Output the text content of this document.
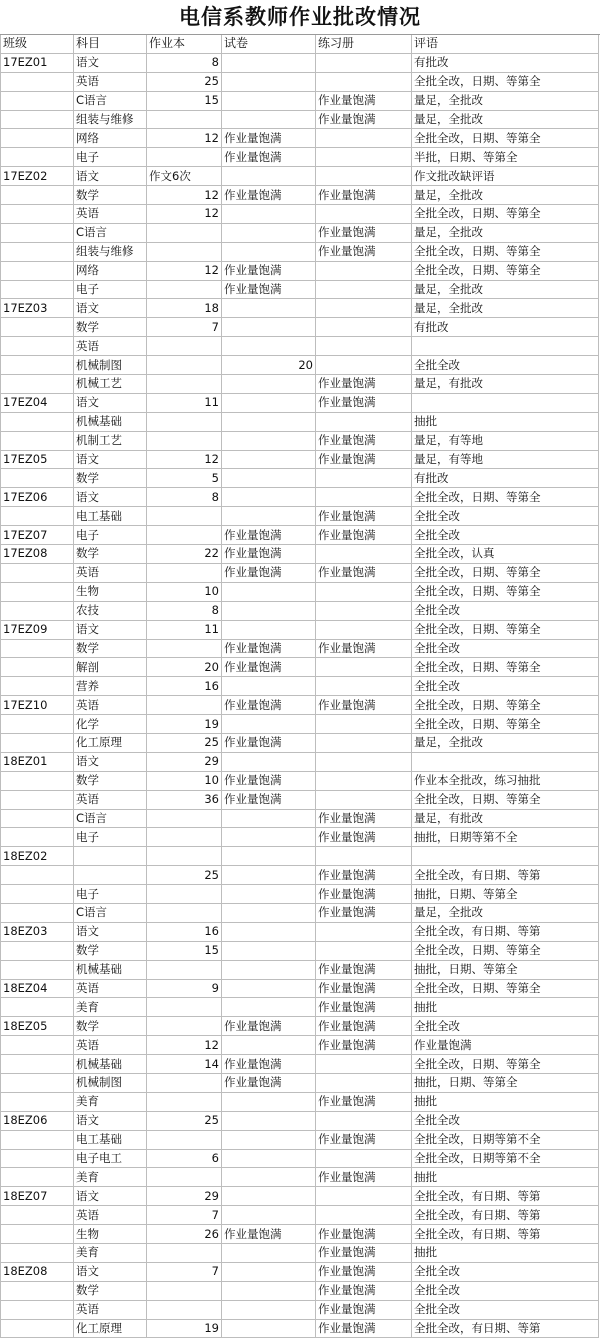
电信系教师作业批改情况
班级	科目	作业本	试卷	练习册	评语
17EZ01	语文	8			有批改
	英语	25			全批全改，日期、等第全
	C语言	15		作业量饱满	量足，全批改
	组装与维修			作业量饱满	量足，全批改
	网络	12	作业量饱满		全批全改，日期、等第全
	电子		作业量饱满		半批，日期、等第全
17EZ02	语文	作文6次			作文批改缺评语
	数学	12	作业量饱满	作业量饱满	量足，全批改
	英语	12			全批全改，日期、等第全
	C语言			作业量饱满	量足，全批改
	组装与维修			作业量饱满	全批全改，日期、等第全
	网络	12	作业量饱满		全批全改，日期、等第全
	电子		作业量饱满		量足，全批改
17EZ03	语文	18			量足，全批改
	数学	7			有批改
	英语				
	机械制图		20		全批全改
	机械工艺			作业量饱满	量足，有批改
17EZ04	语文	11		作业量饱满	
	机械基础				抽批
	机制工艺			作业量饱满	量足，有等地
17EZ05	语文	12		作业量饱满	量足，有等地
	数学	5			有批改
17EZ06	语文	8			全批全改，日期、等第全
	电工基础			作业量饱满	全批全改
17EZ07	电子		作业量饱满	作业量饱满	全批全改
17EZ08	数学	22	作业量饱满		全批全改，认真
	英语		作业量饱满	作业量饱满	全批全改，日期、等第全
	生物	10			全批全改，日期、等第全
	农技	8			全批全改
17EZ09	语文	11			全批全改，日期、等第全
	数学		作业量饱满	作业量饱满	全批全改
	解剖	20	作业量饱满		全批全改，日期、等第全
	营养	16			全批全改
17EZ10	英语		作业量饱满	作业量饱满	全批全改，日期、等第全
	化学	19			全批全改，日期、等第全
	化工原理	25	作业量饱满		量足，全批改
18EZ01	语文	29			
	数学	10	作业量饱满		作业本全批改，练习抽批
	英语	36	作业量饱满		全批全改，日期、等第全
	C语言			作业量饱满	量足，有批改
	电子			作业量饱满	抽批，日期等第不全
18EZ02					
		25		作业量饱满	全批全改，有日期、等第
	电子			作业量饱满	抽批，日期、等第全
	C语言			作业量饱满	量足，全批改
18EZ03	语文	16			全批全改，有日期、等第
	数学	15			全批全改，日期、等第全
	机械基础			作业量饱满	抽批，日期、等第全
18EZ04	英语	9		作业量饱满	全批全改，日期、等第全
	美育			作业量饱满	抽批
18EZ05	数学		作业量饱满	作业量饱满	全批全改
	英语	12		作业量饱满	作业量饱满
	机械基础	14	作业量饱满		全批全改，日期、等第全
	机械制图		作业量饱满		抽批，日期、等第全
	美育			作业量饱满	抽批
18EZ06	语文	25			全批全改
	电工基础			作业量饱满	全批全改，日期等第不全
	电子电工	6			全批全改，日期等第不全
	美育			作业量饱满	抽批
18EZ07	语文	29			全批全改，有日期、等第
	英语	7			全批全改，有日期、等第
	生物	26	作业量饱满	作业量饱满	全批全改，有日期、等第
	美育			作业量饱满	抽批
18EZ08	语文	7		作业量饱满	全批全改
	数学			作业量饱满	全批全改
	英语			作业量饱满	全批全改
	化工原理	19		作业量饱满	全批全改，有日期、等第
